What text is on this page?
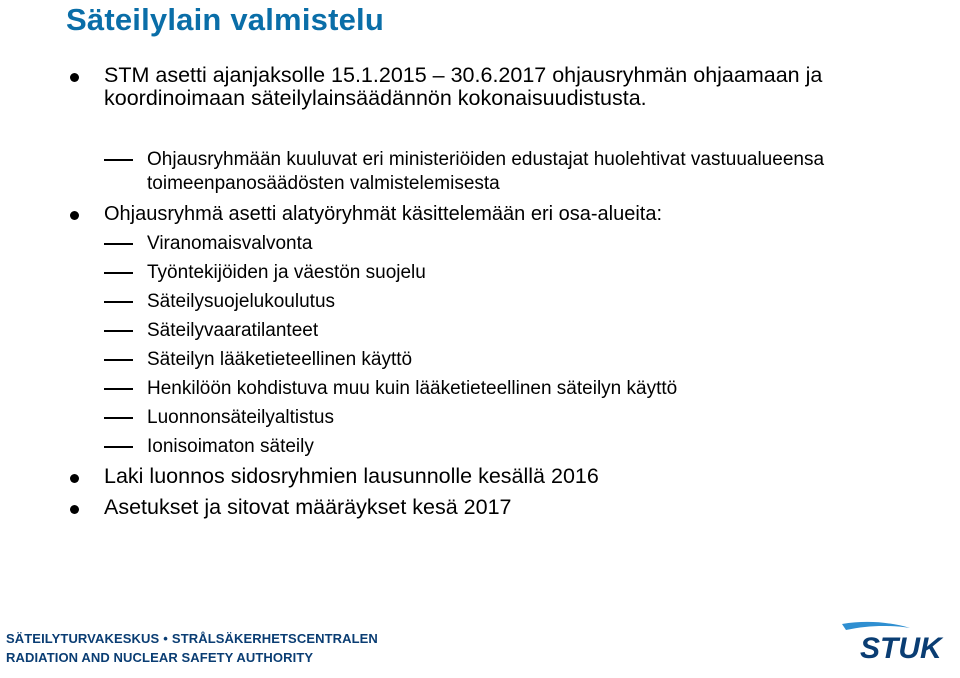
Säteilylain valmistelu
STM asetti ajanjaksolle 15.1.2015 – 30.6.2017 ohjausryhmän ohjaamaan ja koordinoimaan säteilylainsäädännön kokonaisuudistusta.
Ohjausryhmään kuuluvat eri ministeriöiden edustajat huolehtivat vastuualueensa toimeenpanosäädösten valmistelemisesta
Ohjausryhmä asetti alatyöryhmät käsittelemään eri osa-alueita:
Viranomaisvalvonta
Työntekijöiden ja väestön suojelu
Säteilysuojelukoulutus
Säteilyvaaratilanteet
Säteilyn lääketieteellinen käyttö
Henkilöön kohdistuva muu kuin lääketieteellinen säteilyn käyttö
Luonnonsäteilyaltistus
Ionisoimaton säteily
Laki luonnos sidosryhmien lausunnolle kesällä 2016
Asetukset ja sitovat määräykset kesä 2017
SÄTEILYTURVAKESKUS • STRÅLSÄKERHETSCENTRALEN
RADIATION AND NUCLEAR SAFETY AUTHORITY	STUK
